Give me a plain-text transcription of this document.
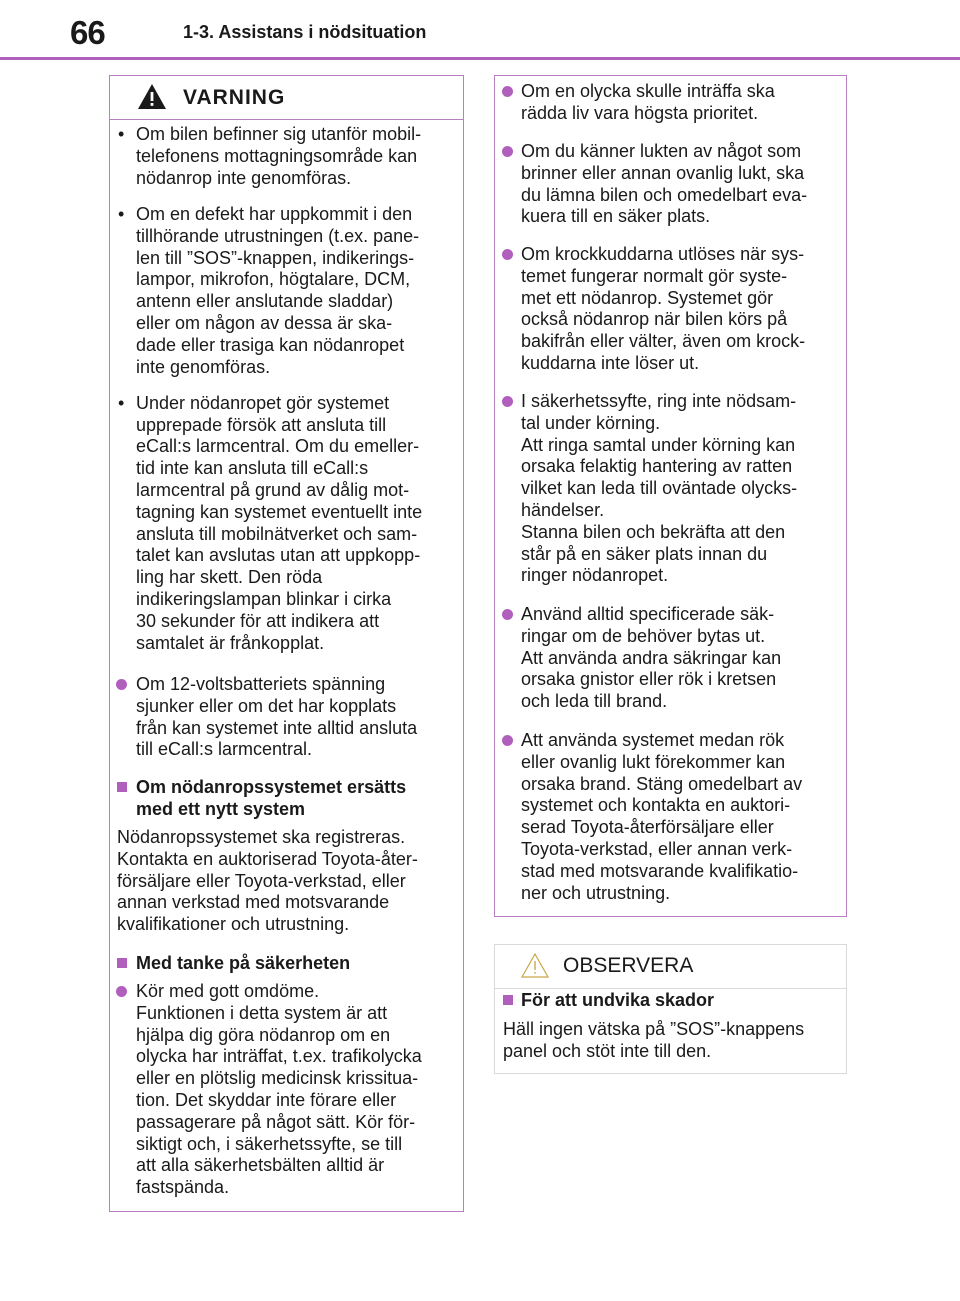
66	1-3. Assistans i nödsituation
VARNING
• Om bilen befinner sig utanför mobil-
telefonens mottagningsområde kan
nödanrop inte genomföras.
• Om en defekt har uppkommit i den
tillhörande utrustningen (t.ex. pane-
len till ”SOS”-knappen, indikerings-
lampor, mikrofon, högtalare, DCM,
antenn eller anslutande sladdar)
eller om någon av dessa är ska-
dade eller trasiga kan nödanropet
inte genomföras.
• Under nödanropet gör systemet
upprepade försök att ansluta till
eCall:s larmcentral. Om du emeller-
tid inte kan ansluta till eCall:s
larmcentral på grund av dålig mot-
tagning kan systemet eventuellt inte
ansluta till mobilnätverket och sam-
talet kan avslutas utan att uppkopp-
ling har skett. Den röda
indikeringslampan blinkar i cirka
30 sekunder för att indikera att
samtalet är frånkopplat.
Om 12-voltsbatteriets spänning
sjunker eller om det har kopplats
från kan systemet inte alltid ansluta
till eCall:s larmcentral.
Om nödanropssystemet ersätts
med ett nytt system
Nödanropssystemet ska registreras.
Kontakta en auktoriserad Toyota-åter-
försäljare eller Toyota-verkstad, eller
annan verkstad med motsvarande
kvalifikationer och utrustning.
Med tanke på säkerheten
Kör med gott omdöme.
Funktionen i detta system är att
hjälpa dig göra nödanrop om en
olycka har inträffat, t.ex. trafikolycka
eller en plötslig medicinsk krissitua-
tion. Det skyddar inte förare eller
passagerare på något sätt. Kör för-
siktigt och, i säkerhetssyfte, se till
att alla säkerhetsbälten alltid är
fastspända.
Om en olycka skulle inträffa ska
rädda liv vara högsta prioritet.
Om du känner lukten av något som
brinner eller annan ovanlig lukt, ska
du lämna bilen och omedelbart eva-
kuera till en säker plats.
Om krockkuddarna utlöses när sys-
temet fungerar normalt gör syste-
met ett nödanrop. Systemet gör
också nödanrop när bilen körs på
bakifrån eller välter, även om krock-
kuddarna inte löser ut.
I säkerhetssyfte, ring inte nödsam-
tal under körning.
Att ringa samtal under körning kan
orsaka felaktig hantering av ratten
vilket kan leda till oväntade olycks-
händelser.
Stanna bilen och bekräfta att den
står på en säker plats innan du
ringer nödanropet.
Använd alltid specificerade säk-
ringar om de behöver bytas ut.
Att använda andra säkringar kan
orsaka gnistor eller rök i kretsen
och leda till brand.
Att använda systemet medan rök
eller ovanlig lukt förekommer kan
orsaka brand. Stäng omedelbart av
systemet och kontakta en auktori-
serad Toyota-återförsäljare eller
Toyota-verkstad, eller annan verk-
stad med motsvarande kvalifikatio-
ner och utrustning.
OBSERVERA
För att undvika skador
Häll ingen vätska på ”SOS”-knappens
panel och stöt inte till den.
